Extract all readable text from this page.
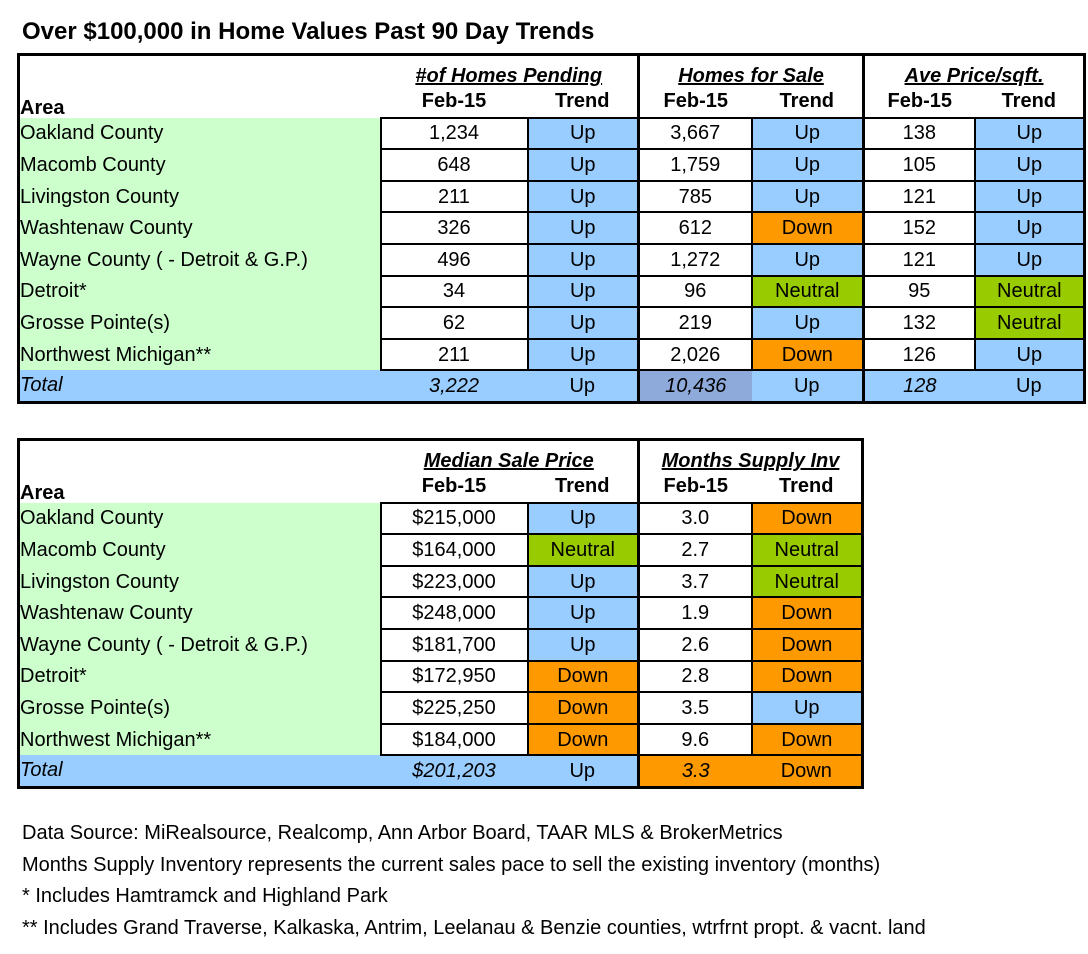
Over $100,000 in Home Values Past 90 Day Trends
	#of Homes Pending		Homes for Sale		Ave Price/sqft.	
Area	Feb-15	Trend	Feb-15	Trend	Feb-15	Trend
Oakland County	1,234	Up	3,667	Up	138	Up
Macomb County	648	Up	1,759	Up	105	Up
Livingston County	211	Up	785	Up	121	Up
Washtenaw County	326	Up	612	Down	152	Up
Wayne County ( - Detroit & G.P.)	496	Up	1,272	Up	121	Up
Detroit*	34	Up	96	Neutral	95	Neutral
Grosse Pointe(s)	62	Up	219	Up	132	Neutral
Northwest Michigan**	211	Up	2,026	Down	126	Up
Total	3,222	Up	10,436	Up	128	Up
	Median Sale Price		Months Supply Inv	
Area	Feb-15	Trend	Feb-15	Trend
Oakland County	$215,000	Up	3.0	Down
Macomb County	$164,000	Neutral	2.7	Neutral
Livingston County	$223,000	Up	3.7	Neutral
Washtenaw County	$248,000	Up	1.9	Down
Wayne County ( - Detroit & G.P.)	$181,700	Up	2.6	Down
Detroit*	$172,950	Down	2.8	Down
Grosse Pointe(s)	$225,250	Down	3.5	Up
Northwest Michigan**	$184,000	Down	9.6	Down
Total	$201,203	Up	3.3	Down
Data Source: MiRealsource, Realcomp, Ann Arbor Board, TAAR MLS & BrokerMetrics
Months Supply Inventory represents the current sales pace to sell the existing inventory (months)
* Includes Hamtramck and Highland Park
** Includes Grand Traverse, Kalkaska, Antrim, Leelanau & Benzie counties, wtrfrnt propt. & vacnt. land
